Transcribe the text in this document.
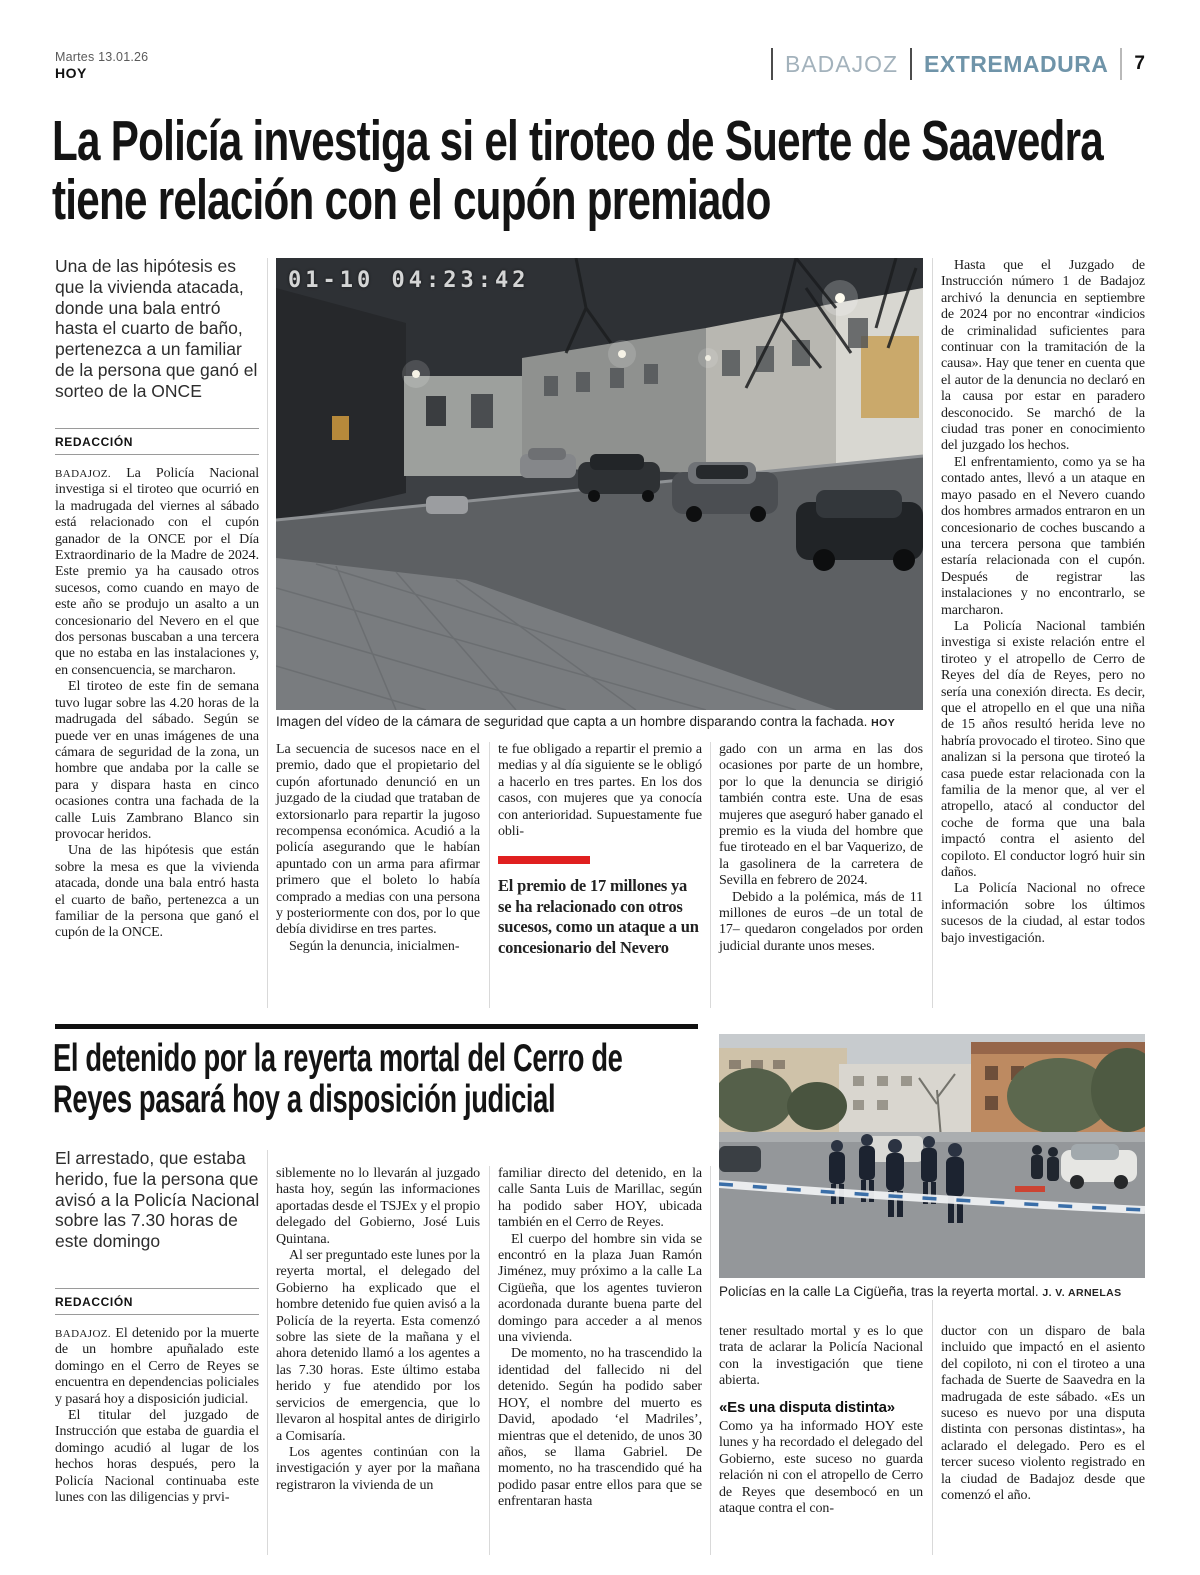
Martes 13.01.26
HOY	BADAJOZ EXTREMADURA 7
La Policía investiga si el tiroteo de Suerte de Saavedra tiene relación con el cupón premiado
Una de las hipótesis es que la vivienda atacada, donde una bala entró hasta el cuarto de baño, pertenezca a un familiar de la persona que ganó el sorteo de la ONCE
REDACCIÓN

BADAJOZ. La Policía Nacional investiga si el tiroteo que ocurrió en la madrugada del viernes al sábado está relacionado con el cupón ganador de la ONCE por el Día Extraordinario de la Madre de 2024. Este premio ya ha causado otros sucesos, como cuando en mayo de este año se produjo un asalto a un concesionario del Nevero en el que dos personas buscaban a una tercera que no estaba en las instalaciones y, en consencuencia, se marcharon.

El tiroteo de este fin de semana tuvo lugar sobre las 4.20 horas de la madrugada del sábado. Según se puede ver en unas imágenes de una cámara de seguridad de la zona, un hombre que andaba por la calle se para y dispara hasta en cinco ocasiones contra una fachada de la calle Luis Zambrano Blanco sin provocar heridos.

Una de las hipótesis que están sobre la mesa es que la vivienda atacada, donde una bala entró hasta el cuarto de baño, pertenezca a un familiar de la persona que ganó el cupón de la ONCE.

01-10 04:23:42
Imagen del vídeo de la cámara de seguridad que capta a un hombre disparando contra la fachada. HOY

La secuencia de sucesos nace en el premio, dado que el propietario del cupón afortunado denunció en un juzgado de la ciudad que trataban de extorsionarlo para repartir la jugoso recompensa económica. Acudió a la policía asegurando que le habían apuntado con un arma para afirmar primero que el boleto lo había comprado a medias con una persona y posteriormente con dos, por lo que debía dividirse en tres partes.

Según la denuncia, inicialmen-

te fue obligado a repartir el premio a medias y al día siguiente se le obligó a hacerlo en tres partes. En los dos casos, con mujeres que ya conocía con anterioridad. Supuestamente fue obli-

El premio de 17 millones ya se ha relacionado con otros sucesos, como un ataque a un concesionario del Nevero

gado con un arma en las dos ocasiones por parte de un hombre, por lo que la denuncia se dirigió también contra este. Una de esas mujeres que aseguró haber ganado el premio es la viuda del hombre que fue tiroteado en el bar Vaquerizo, de la gasolinera de la carretera de Sevilla en febrero de 2024.

Debido a la polémica, más de 11 millones de euros –de un total de 17– quedaron congelados por orden judicial durante unos meses.

Hasta que el Juzgado de Instrucción número 1 de Badajoz archivó la denuncia en septiembre de 2024 por no encontrar «indicios de criminalidad suficientes para continuar con la tramitación de la causa». Hay que tener en cuenta que el autor de la denuncia no declaró en la causa por estar en paradero desconocido. Se marchó de la ciudad tras poner en conocimiento del juzgado los hechos.

El enfrentamiento, como ya se ha contado antes, llevó a un ataque en mayo pasado en el Nevero cuando dos hombres armados entraron en un concesionario de coches buscando a una tercera persona que también estaría relacionada con el cupón. Después de registrar las instalaciones y no encontrarlo, se marcharon.

La Policía Nacional también investiga si existe relación entre el tiroteo y el atropello de Cerro de Reyes del día de Reyes, pero no sería una conexión directa. Es decir, que el atropello en el que una niña de 15 años resultó herida leve no habría provocado el tiroteo. Sino que analizan si la persona que tiroteó la casa puede estar relacionada con la familia de la menor que, al ver el atropello, atacó al conductor del coche de forma que una bala impactó contra el asiento del copiloto. El conductor logró huir sin daños.

La Policía Nacional no ofrece información sobre los últimos sucesos de la ciudad, al estar todos bajo investigación.

El detenido por la reyerta mortal del Cerro de Reyes pasará hoy a disposición judicial
El arrestado, que estaba herido, fue la persona que avisó a la Policía Nacional sobre las 7.30 horas de este domingo
REDACCIÓN
Policías en la calle La Cigüeña, tras la reyerta mortal. J. V. ARNELAS

BADAJOZ. El detenido por la muerte de un hombre apuñalado este domingo en el Cerro de Reyes se encuentra en dependencias policiales y pasará hoy a disposición judicial.

El titular del juzgado de Instrucción que estaba de guardia el domingo acudió al lugar de los hechos horas después, pero la Policía Nacional continuaba este lunes con las diligencias y prvi-

siblemente no lo llevarán al juzgado hasta hoy, según las informaciones aportadas desde el TSJEx y el propio delegado del Gobierno, José Luis Quintana.

Al ser preguntado este lunes por la reyerta mortal, el delegado del Gobierno ha explicado que el hombre detenido fue quien avisó a la Policía de la reyerta. Esta comenzó sobre las siete de la mañana y el ahora detenido llamó a los agentes a las 7.30 horas. Este último estaba herido y fue atendido por los servicios de emergencia, que lo llevaron al hospital antes de dirigirlo a Comisaría.

Los agentes continúan con la investigación y ayer por la mañana registraron la vivienda de un

familiar directo del detenido, en la calle Santa Luis de Marillac, según ha podido saber HOY, ubicada también en el Cerro de Reyes.

El cuerpo del hombre sin vida se encontró en la plaza Juan Ramón Jiménez, muy próximo a la calle La Cigüeña, que los agentes tuvieron acordonada durante buena parte del domingo para acceder a al menos una vivienda.

De momento, no ha trascendido la identidad del fallecido ni del detenido. Según ha podido saber HOY, el nombre del muerto es David, apodado ‘el Madriles’, mientras que el detenido, de unos 30 años, se llama Gabriel. De momento, no ha trascendido qué ha podido pasar entre ellos para que se enfrentaran hasta

tener resultado mortal y es lo que trata de aclarar la Policía Nacional con la investigación que tiene abierta.

«Es una disputa distinta»

Como ya ha informado HOY este lunes y ha recordado el delegado del Gobierno, este suceso no guarda relación ni con el atropello de Cerro de Reyes que desembocó en un ataque contra el con-

ductor con un disparo de bala incluido que impactó en el asiento del copiloto, ni con el tiroteo a una fachada de Suerte de Saavedra en la madrugada de este sábado. «Es un suceso es nuevo por una disputa distinta con personas distintas», ha aclarado el delegado. Pero es el tercer suceso violento registrado en la ciudad de Badajoz desde que comenzó el año.
